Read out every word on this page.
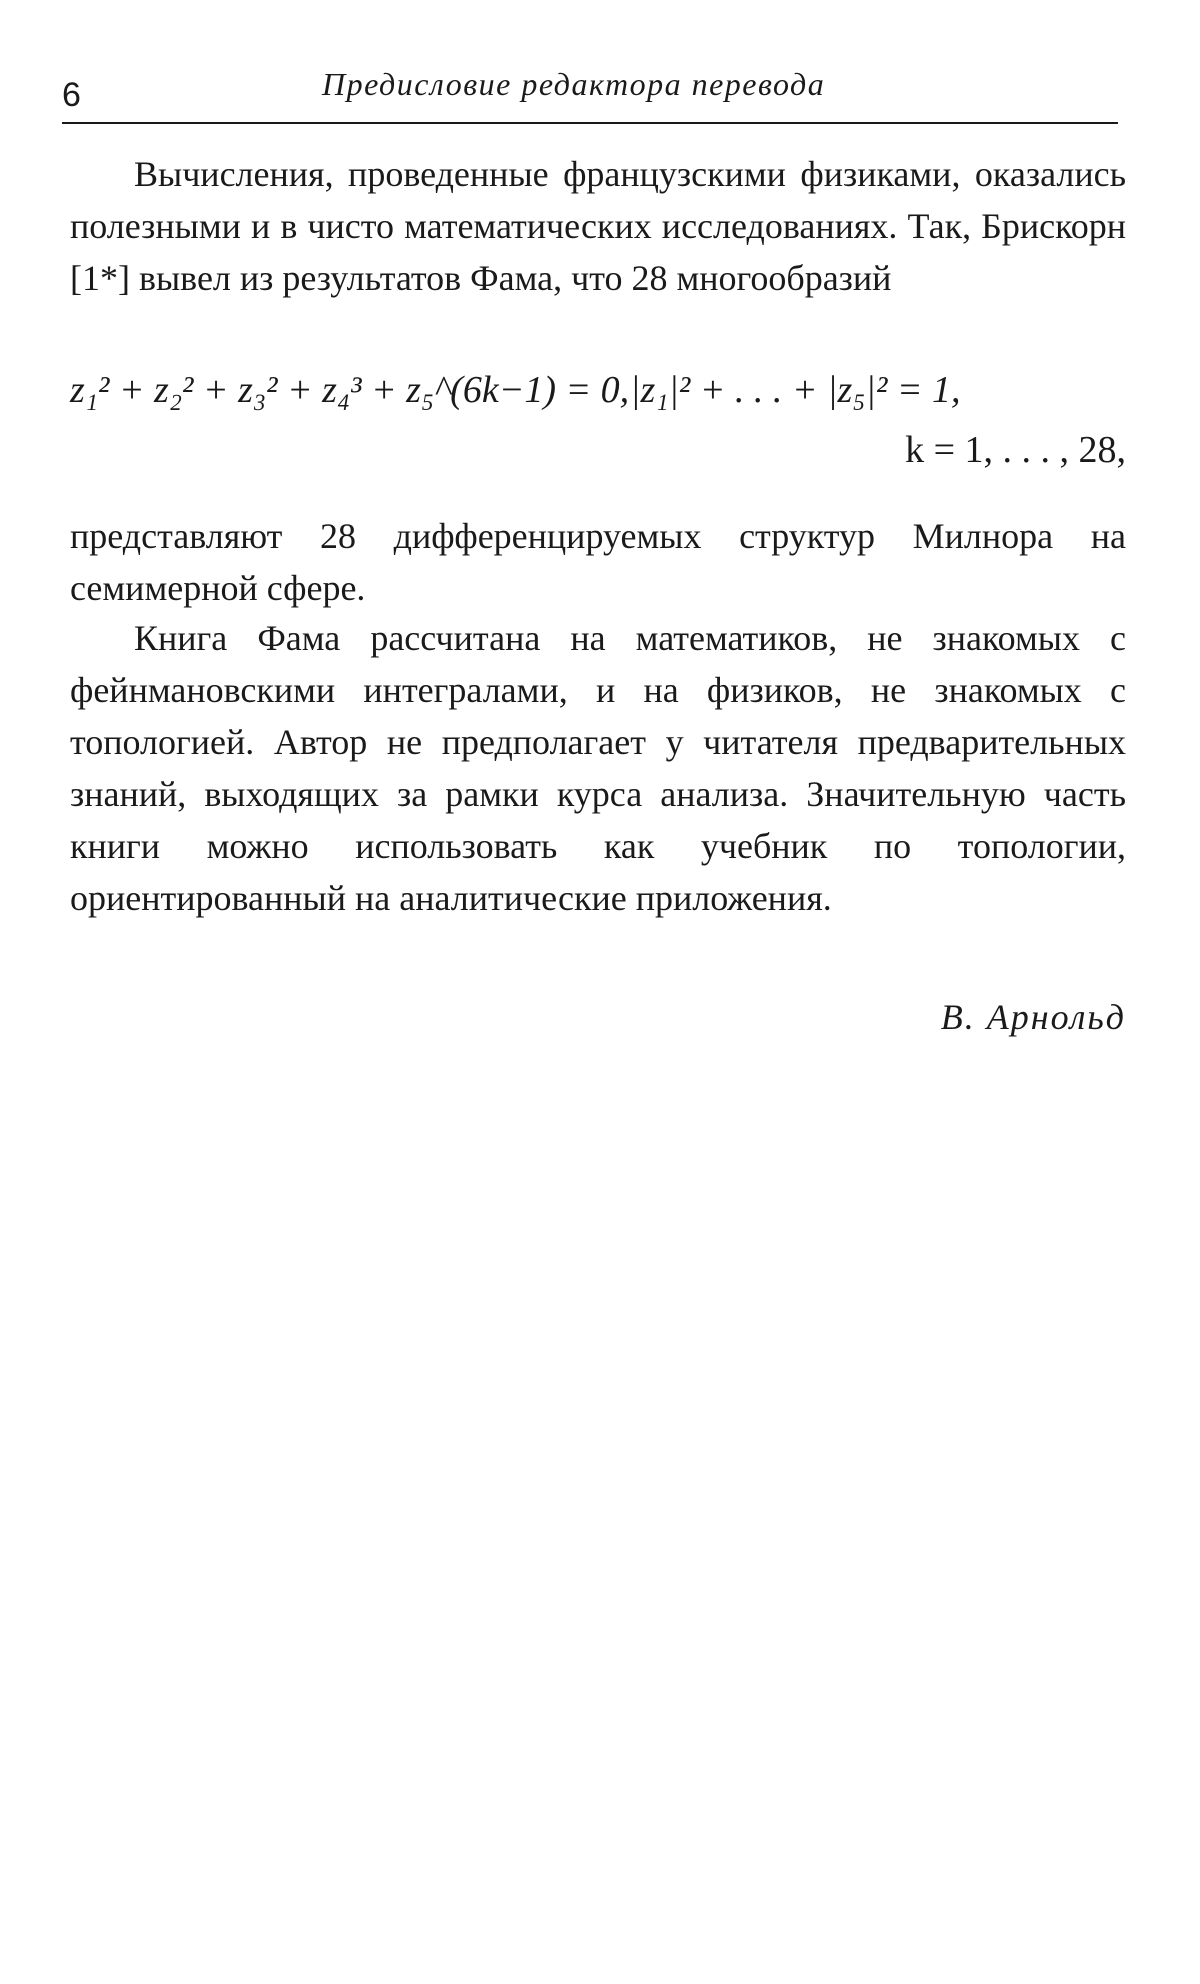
6	Предисловие редактора перевода

Вычисления, проведенные французскими физиками, оказались полезными и в чисто математических исследованиях. Так, Брискорн [1*] вывел из результатов Фама, что 28 многообразий

z₁² + z₂² + z₃² + z₄³ + z₅^(6k−1) = 0, |z₁|² + . . . + |z₅|² = 1,
k = 1, . . . , 28,

представляют 28 дифференцируемых структур Милнора на семимерной сфере.

Книга Фама рассчитана на математиков, не знакомых с фейнмановскими интегралами, и на физиков, не знакомых с топологией. Автор не предполагает у читателя предварительных знаний, выходящих за рамки курса анализа. Значительную часть книги можно использовать как учебник по топологии, ориентированный на аналитические приложения.

В. Арнольд
